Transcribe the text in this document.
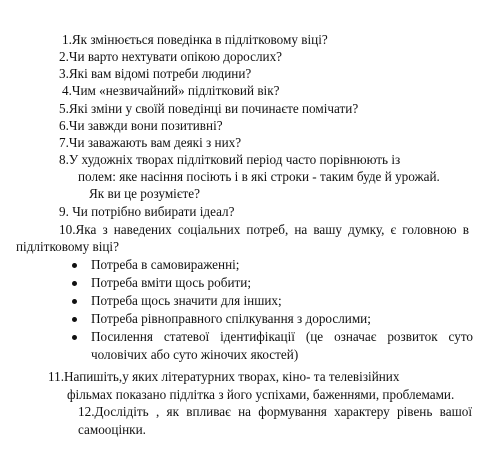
1.Як змінюється поведінка в підлітковому віці?
2.Чи варто нехтувати опікою дорослих?
3.Які вам відомі потреби людини?
4.Чим «незвичайний» підлітковий вік?
5.Які зміни у своїй поведінці ви починаєте помічати?
6.Чи завжди вони позитивні?
7.Чи заважають вам деякі з них?
8.У художніх творах підлітковий період часто порівнюють із
полем: яке насіння посіють і в які строки - таким буде й урожай.
Як ви це розумієте?
9. Чи потрібно вибирати ідеал?
10.Яка з наведених соціальних потреб, на вашу думку, є головною в
підлітковому віці?
Потреба в самовираженні;
Потреба вміти щось робити;
Потреба щось значити для інших;
Потреба рівноправного спілкування з дорослими;
Посилення статевої ідентифікації (це означає розвиток суто
чоловічих або суто жіночих якостей)
11.Напишіть,у яких літературних творах, кіно- та телевізійних
фільмах показано підлітка з його успіхами, баженнями, проблемами.
12.Дослідіть , як впливає на формування характеру рівень вашої
самооцінки.
